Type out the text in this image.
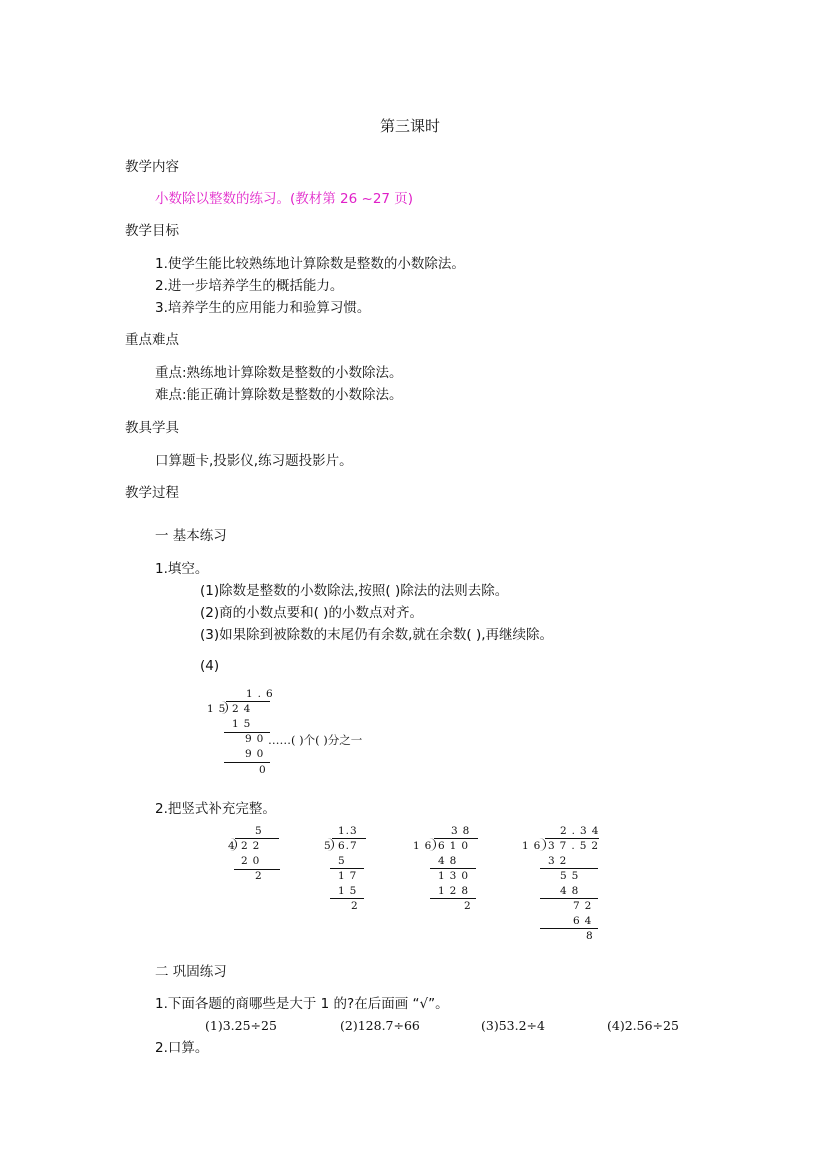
第三课时
教学内容
小数除以整数的练习。(教材第 26 ~27 页)
教学目标
1.使学生能比较熟练地计算除数是整数的小数除法。
2.进一步培养学生的概括能力。
3.培养学生的应用能力和验算习惯。
重点难点
重点:熟练地计算除数是整数的小数除法。
难点:能正确计算除数是整数的小数除法。
教具学具
口算题卡,投影仪,练习题投影片。
教学过程
一 基本练习
1.填空。
(1)除数是整数的小数除法,按照( )除法的法则去除。
(2)商的小数点要和( )的小数点对齐。
(3)如果除到被除数的末尾仍有余数,就在余数( ),再继续除。
(4)
1.6
15 24
15
90 ……( )个( )分之一
90
0
2.把竖式补充完整。
5
4 22
20
2
1.3
5 6.7
5
17
15
2
38
16 610
48
130
128
2
2.34
16 37.52
32
55
48
72
64
8
二 巩固练习
1.下面各题的商哪些是大于 1 的?在后面画 “√”。
(1)3.25÷25	(2)128.7÷66	(3)53.2÷4	(4)2.56÷25
2.口算。
